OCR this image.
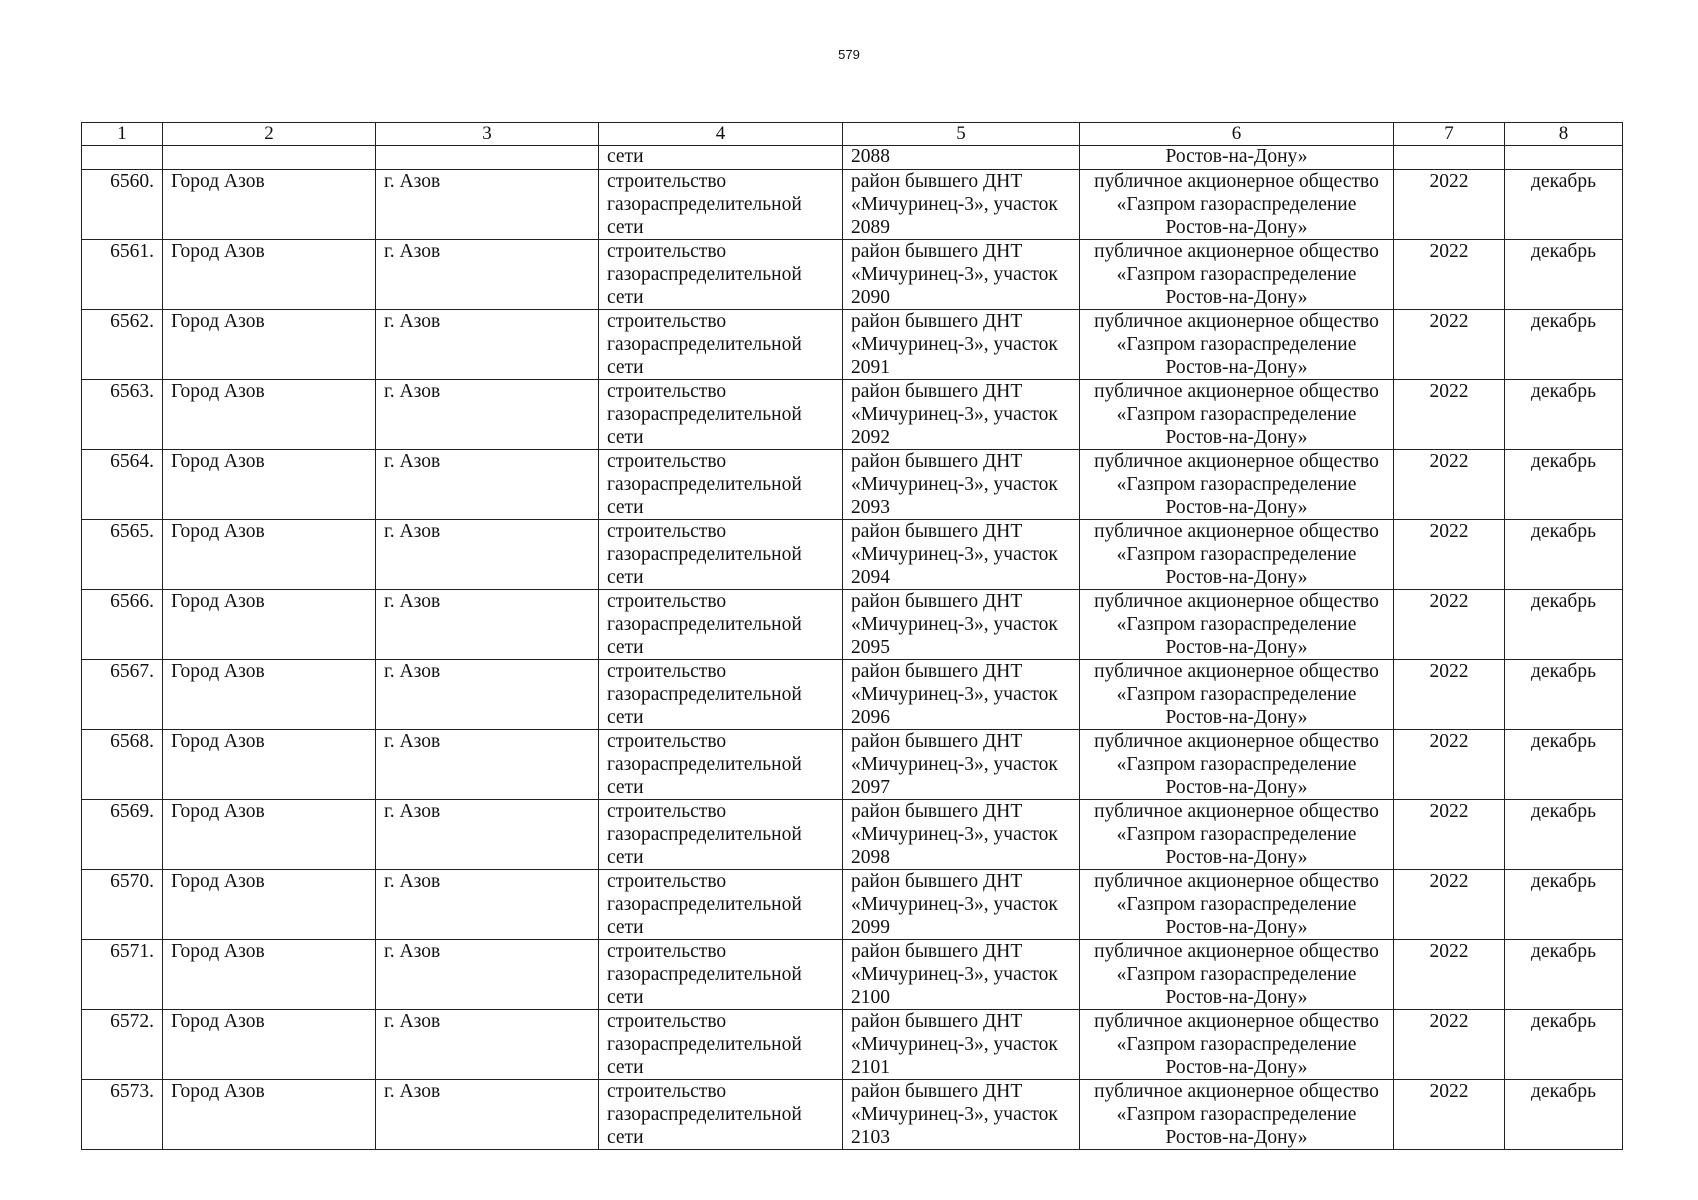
579
1	2	3	4	5	6	7	8
			сети	2088	Ростов-на-Дону»		
6560.	Город Азов	г. Азов	строительство
газораспределительной
сети	район бывшего ДНТ
«Мичуринец-3», участок
2089	публичное акционерное общество
«Газпром газораспределение
Ростов-на-Дону»	2022	декабрь
6561.	Город Азов	г. Азов	строительство
газораспределительной
сети	район бывшего ДНТ
«Мичуринец-3», участок
2090	публичное акционерное общество
«Газпром газораспределение
Ростов-на-Дону»	2022	декабрь
6562.	Город Азов	г. Азов	строительство
газораспределительной
сети	район бывшего ДНТ
«Мичуринец-3», участок
2091	публичное акционерное общество
«Газпром газораспределение
Ростов-на-Дону»	2022	декабрь
6563.	Город Азов	г. Азов	строительство
газораспределительной
сети	район бывшего ДНТ
«Мичуринец-3», участок
2092	публичное акционерное общество
«Газпром газораспределение
Ростов-на-Дону»	2022	декабрь
6564.	Город Азов	г. Азов	строительство
газораспределительной
сети	район бывшего ДНТ
«Мичуринец-3», участок
2093	публичное акционерное общество
«Газпром газораспределение
Ростов-на-Дону»	2022	декабрь
6565.	Город Азов	г. Азов	строительство
газораспределительной
сети	район бывшего ДНТ
«Мичуринец-3», участок
2094	публичное акционерное общество
«Газпром газораспределение
Ростов-на-Дону»	2022	декабрь
6566.	Город Азов	г. Азов	строительство
газораспределительной
сети	район бывшего ДНТ
«Мичуринец-3», участок
2095	публичное акционерное общество
«Газпром газораспределение
Ростов-на-Дону»	2022	декабрь
6567.	Город Азов	г. Азов	строительство
газораспределительной
сети	район бывшего ДНТ
«Мичуринец-3», участок
2096	публичное акционерное общество
«Газпром газораспределение
Ростов-на-Дону»	2022	декабрь
6568.	Город Азов	г. Азов	строительство
газораспределительной
сети	район бывшего ДНТ
«Мичуринец-3», участок
2097	публичное акционерное общество
«Газпром газораспределение
Ростов-на-Дону»	2022	декабрь
6569.	Город Азов	г. Азов	строительство
газораспределительной
сети	район бывшего ДНТ
«Мичуринец-3», участок
2098	публичное акционерное общество
«Газпром газораспределение
Ростов-на-Дону»	2022	декабрь
6570.	Город Азов	г. Азов	строительство
газораспределительной
сети	район бывшего ДНТ
«Мичуринец-3», участок
2099	публичное акционерное общество
«Газпром газораспределение
Ростов-на-Дону»	2022	декабрь
6571.	Город Азов	г. Азов	строительство
газораспределительной
сети	район бывшего ДНТ
«Мичуринец-3», участок
2100	публичное акционерное общество
«Газпром газораспределение
Ростов-на-Дону»	2022	декабрь
6572.	Город Азов	г. Азов	строительство
газораспределительной
сети	район бывшего ДНТ
«Мичуринец-3», участок
2101	публичное акционерное общество
«Газпром газораспределение
Ростов-на-Дону»	2022	декабрь
6573.	Город Азов	г. Азов	строительство
газораспределительной
сети	район бывшего ДНТ
«Мичуринец-3», участок
2103	публичное акционерное общество
«Газпром газораспределение
Ростов-на-Дону»	2022	декабрь
